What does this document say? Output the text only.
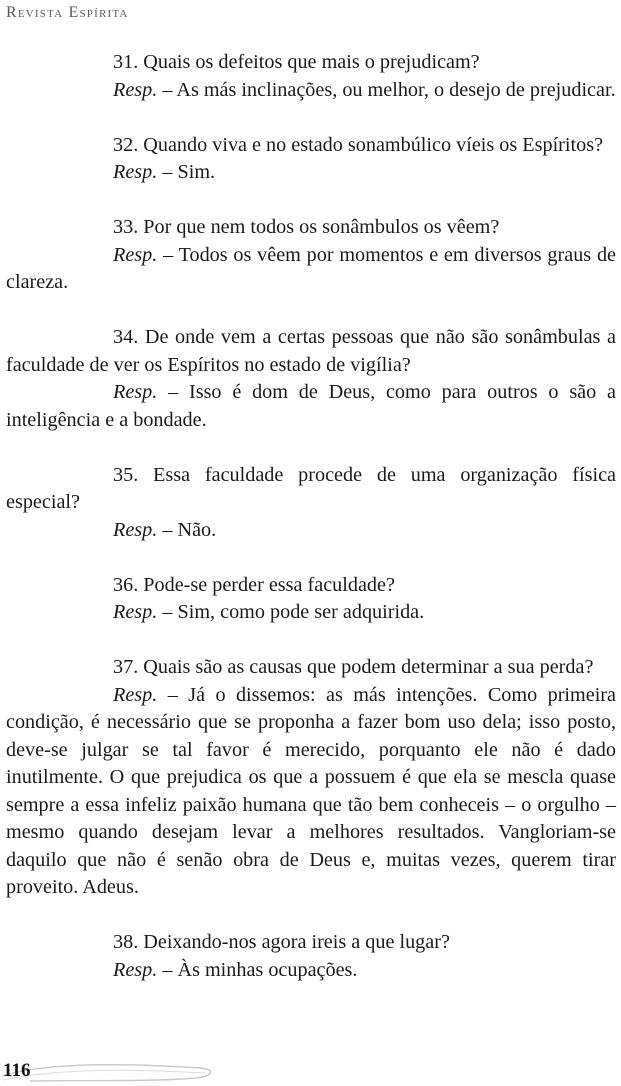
Revista Espírita

31. Quais os defeitos que mais o prejudicam?

Resp. – As más inclinações, ou melhor, o desejo de prejudicar.

32. Quando viva e no estado sonambúlico víeis os Espíritos?

Resp. – Sim.

33. Por que nem todos os sonâmbulos os vêem?

Resp. – Todos os vêem por momentos e em diversos graus de clareza.

34. De onde vem a certas pessoas que não são sonâmbulas a faculdade de ver os Espíritos no estado de vigília?

Resp. – Isso é dom de Deus, como para outros o são a inteligência e a bondade.

35. Essa faculdade procede de uma organização física especial?

Resp. – Não.

36. Pode-se perder essa faculdade?

Resp. – Sim, como pode ser adquirida.

37. Quais são as causas que podem determinar a sua perda?

Resp. – Já o dissemos: as más intenções. Como primeira condição, é necessário que se proponha a fazer bom uso dela; isso posto, deve-se julgar se tal favor é merecido, porquanto ele não é dado inutilmente. O que prejudica os que a possuem é que ela se mescla quase sempre a essa infeliz paixão humana que tão bem conheceis – o orgulho – mesmo quando desejam levar a melhores resultados. Vangloriam-se daquilo que não é senão obra de Deus e, muitas vezes, querem tirar proveito. Adeus.

38. Deixando-nos agora ireis a que lugar?

Resp. – Às minhas ocupações.

116
